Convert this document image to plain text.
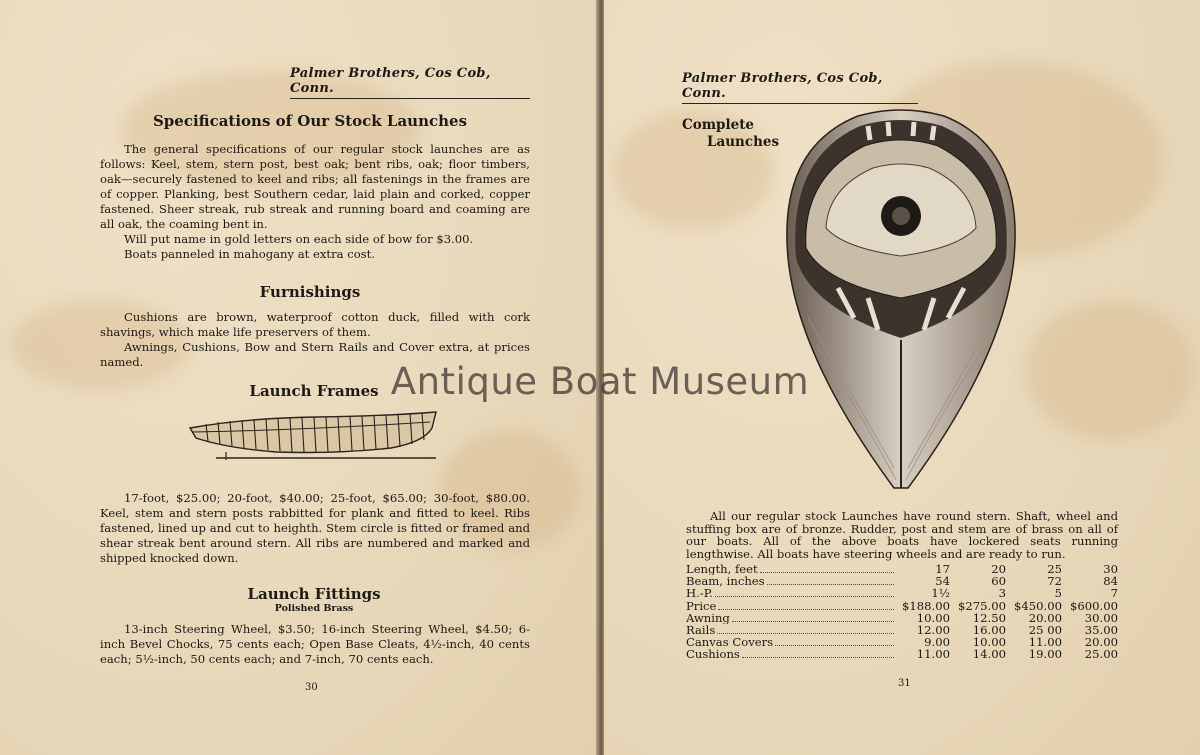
Palmer Brothers, Cos Cob, Conn.
Specifications of Our Stock Launches

The general specifications of our regular stock launches are as follows: Keel, stem, stern post, best oak; bent ribs, oak; floor timbers, oak—securely fastened to keel and ribs; all fastenings in the frames are of copper. Planking, best Southern cedar, laid plain and corked, copper fastened. Sheer streak, rub streak and running board and coaming are all oak, the coaming bent in.

Will put name in gold letters on each side of bow for $3.00.

Boats panneled in mahogany at extra cost.

Furnishings

Cushions are brown, waterproof cotton duck, filled with cork shavings, which make life preservers of them.

Awnings, Cushions, Bow and Stern Rails and Cover extra, at prices named.

Launch Frames

17-foot, $25.00; 20-foot, $40.00; 25-foot, $65.00; 30-foot, $80.00. Keel, stem and stern posts rabbitted for plank and fitted to keel. Ribs fastened, lined up and cut to heighth. Stem circle is fitted or framed and shear streak bent around stern. All ribs are numbered and marked and shipped knocked down.

Launch Fittings
Polished Brass

13-inch Steering Wheel, $3.50; 16-inch Steering Wheel, $4.50; 6-inch Bevel Chocks, 75 cents each; Open Base Cleats, 4½-inch, 40 cents each; 5½-inch, 50 cents each; and 7-inch, 70 cents each.

30
Palmer Brothers, Cos Cob, Conn.
Complete
Launches

All our regular stock Launches have round stern. Shaft, wheel and stuffing box are of bronze. Rudder, post and stem are of brass on all of our boats. All of the above boats have lockered seats running lengthwise. All boats have steering wheels and are ready to run.

31
Length, feet	17	20	25	30
Beam, inches	54	60	72	84
H.-P.	1½	3	5	7
Price	$188.00 $275.00 $450.00 $600.00
Awning	10.00	12.50	20.00	30.00
Rails	12.00	16.00	25 00	35.00
Canvas Covers	9.00	10.00	11.00	20.00
Cushions	11.00	14.00	19.00	25.00
Antique Boat Museum
